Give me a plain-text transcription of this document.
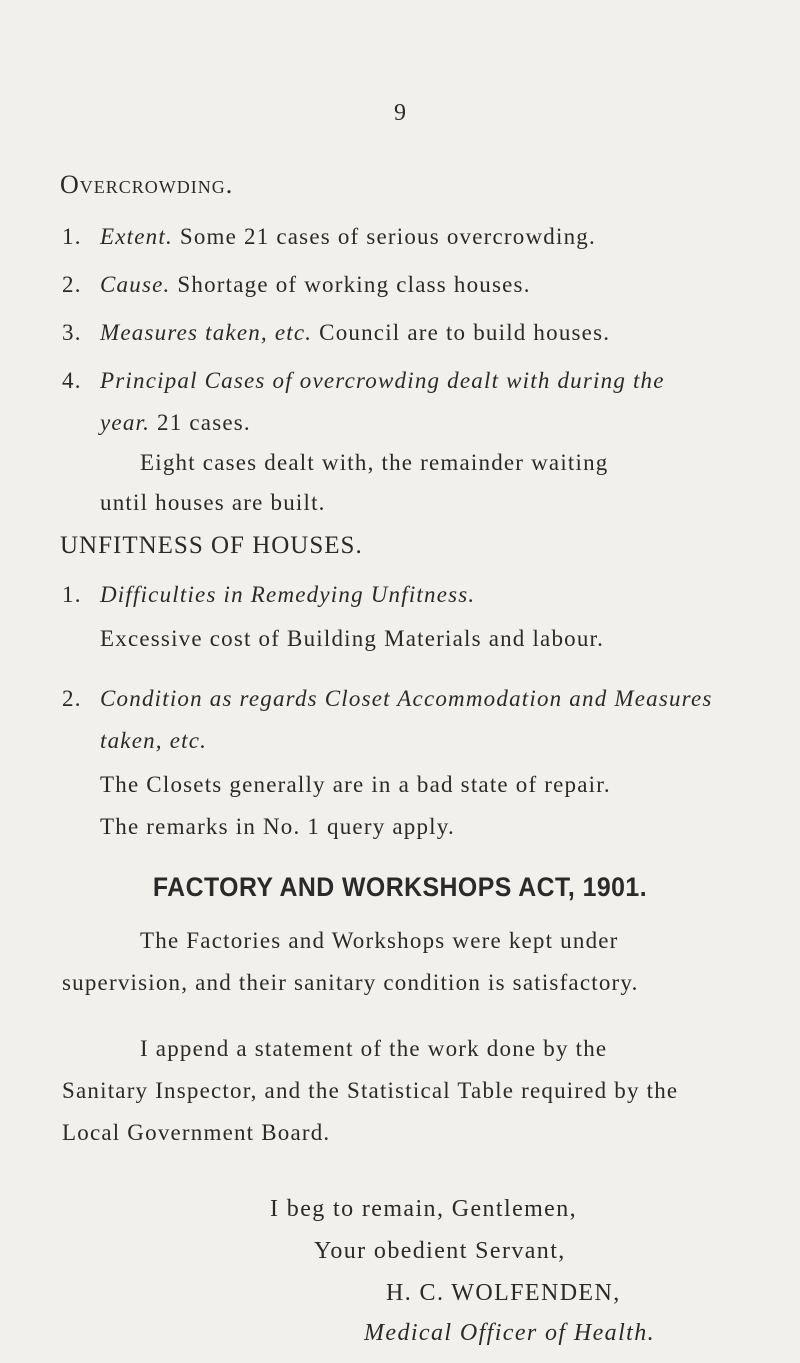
9
Overcrowding.
1. Extent. Some 21 cases of serious overcrowding.
2. Cause. Shortage of working class houses.
3. Measures taken, etc. Council are to build houses.
4. Principal Cases of overcrowding dealt with during the
year. 21 cases.
Eight cases dealt with, the remainder waiting
until houses are built.
UNFITNESS OF HOUSES.
1. Difficulties in Remedying Unfitness.
Excessive cost of Building Materials and labour.
2. Condition as regards Closet Accommodation and Measures
taken, etc.
The Closets generally are in a bad state of repair.
The remarks in No. 1 query apply.
FACTORY AND WORKSHOPS ACT, 1901.
The Factories and Workshops were kept under
supervision, and their sanitary condition is satisfactory.
I append a statement of the work done by the
Sanitary Inspector, and the Statistical Table required by the
Local Government Board.
I beg to remain, Gentlemen,
Your obedient Servant,
H. C. WOLFENDEN,
Medical Officer of Health.
